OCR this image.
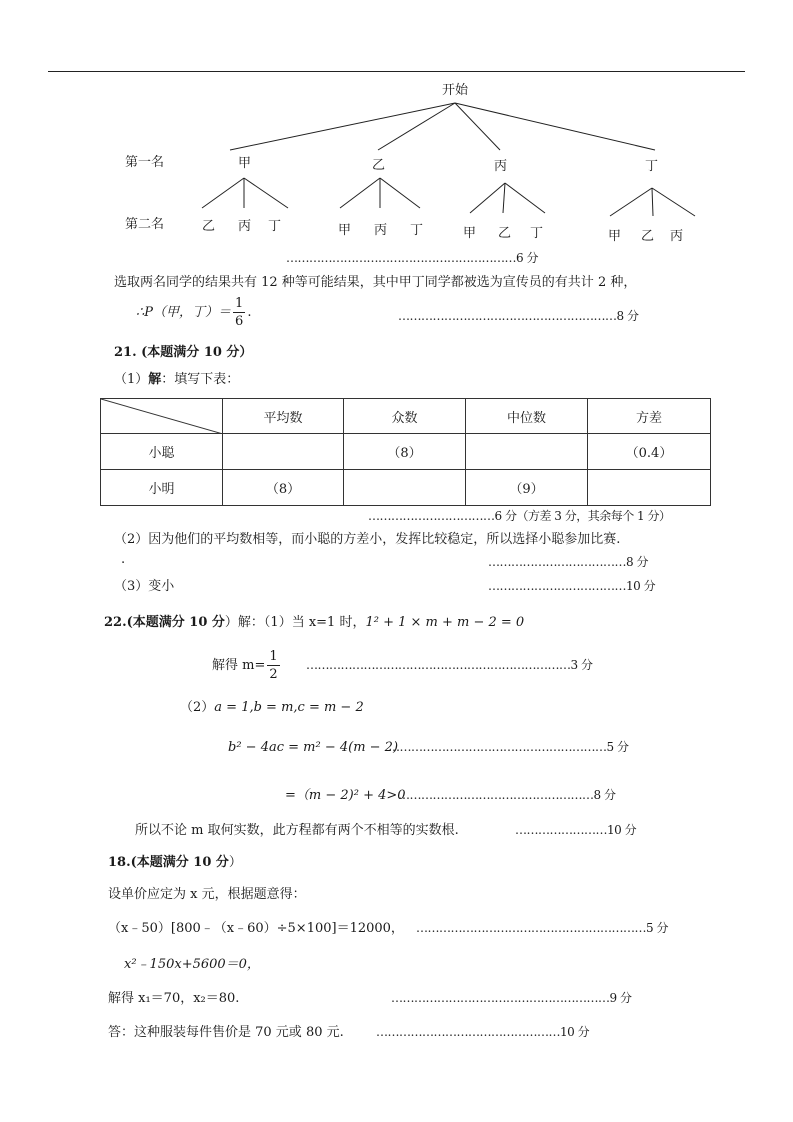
开始
第一名
第二名
甲	乙	丙	丁
乙 丙 丁	甲 丙 丁	甲 乙 丁	甲 乙 丙
……………………………………………………6 分
选取两名同学的结果共有 12 种等可能结果，其中甲丁同学都被选为宣传员的有共计 2 种，
∴P（甲，丁）＝ $\frac{1}{6}$ .	…………………………………………………8 分
21. (本题满分 10 分）
（1）解：填写下表：
	平均数	众数	中位数	方差
小聪		（8）		（0.4）
小明	（8）		（9）	
……………………………6 分（方差 3 分，其余每个 1 分）
（2）因为他们的平均数相等，而小聪的方差小，发挥比较稳定，所以选择小聪参加比赛.
.	………………………………8 分
（3）变小	………………………………10 分
22.(本题满分 10 分）解：（1）当 x=1 时，1² + 1 × m + m − 2 = 0
解得 $m= \frac{1}{2}$ ……………………………………………………………3 分
（2）a = 1,b = m,c = m − 2
b² − 4ac = m² − 4(m − 2)
…………………………………………………5 分
=（m − 2)² + 4>0
……………………………………………8 分
所以不论 m 取何实数，此方程都有两个不相等的实数根.	……………………10 分
18.(本题满分 10 分）
设单价应定为 x 元，根据题意得：
（x﹣50）[800﹣（x﹣60）÷5×100]＝12000， ……………………………………………………5 分
x²﹣150x+5600＝0，
解得 x₁＝70，x₂＝80.	…………………………………………………9 分
答：这种服装每件售价是 70 元或 80 元.	…………………………………………10 分
